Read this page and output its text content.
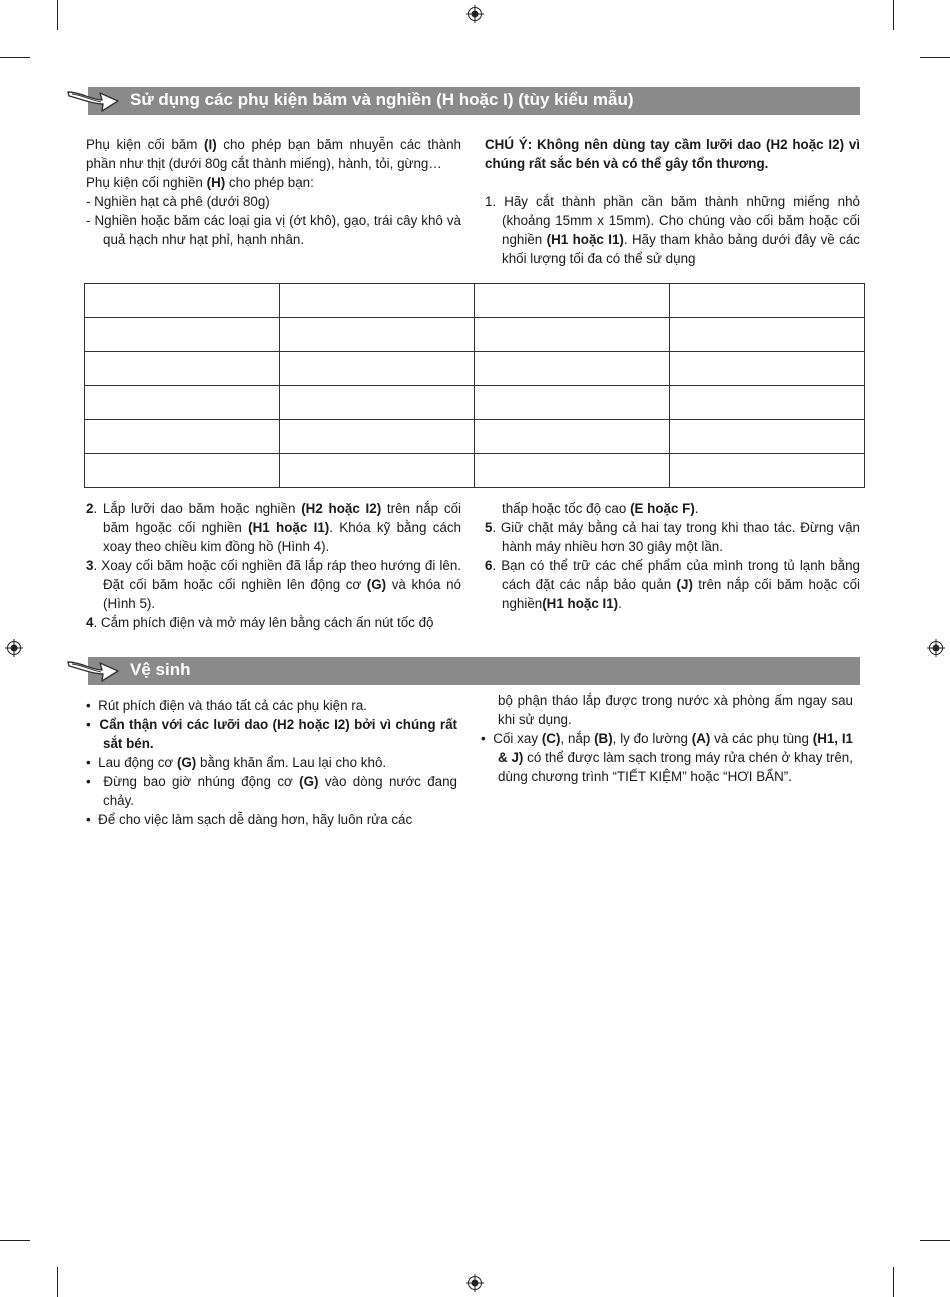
Sử dụng các phụ kiện băm và nghiền (H hoặc I) (tùy kiểu mẫu)

Phụ kiện cối băm (I) cho phép bạn băm nhuyễn các thành phần như thịt (dưới 80g cắt thành miếng), hành, tỏi, gừng…

Phụ kiện cối nghiền (H) cho phép bạn:

- Nghiền hạt cà phê (dưới 80g)

- Nghiền hoặc băm các loại gia vị (ớt khô), gạo, trái cây khô và quả hạch như hạt phỉ, hạnh nhân.

CHÚ Ý: Không nên dùng tay cầm lưỡi dao (H2 hoặc I2) vì chúng rất sắc bén và có thể gây tổn thương.

1. Hãy cắt thành phần cần băm thành những miếng nhỏ (khoảng 15mm x 15mm). Cho chúng vào cối băm hoặc cối nghiền (H1 hoặc I1). Hãy tham khảo bảng dưới đây về các khối lượng tối đa có thể sử dụng

2. Lắp lưỡi dao băm hoặc nghiền (H2 hoặc I2) trên nắp cối băm hgoặc cối nghiền (H1 hoặc I1). Khóa kỹ bằng cách xoay theo chiều kim đồng hồ (Hình 4).

3. Xoay cối băm hoặc cối nghiền đã lắp ráp theo hướng đi lên. Đặt cối băm hoặc cối nghiền lên động cơ (G) và khóa nó (Hình 5).

4. Cắm phích điện và mở máy lên bằng cách ấn nút tốc độ

thấp hoặc tốc độ cao (E hoặc F).

5. Giữ chặt máy bằng cả hai tay trong khi thao tác. Đừng vận hành máy nhiều hơn 30 giây một lần.

6. Bạn có thể trữ các chế phẩm của mình trong tủ lạnh bằng cách đặt các nắp bảo quản (J) trên nắp cối băm hoặc cối nghiền(H1 hoặc I1).

Vệ sinh

• Rút phích điện và tháo tất cả các phụ kiện ra.

• Cẩn thận với các lưỡi dao (H2 hoặc I2) bởi vì chúng rất sắt bén.

• Lau động cơ (G) bằng khăn ẩm. Lau lại cho khô.

• Đừng bao giờ nhúng động cơ (G) vào dòng nước đang chảy.

• Để cho việc làm sạch dễ dàng hơn, hãy luôn rửa các

bộ phận tháo lắp được trong nước xà phòng ấm ngay sau khi sử dụng.

• Cối xay (C), nắp (B), ly đo lường (A) và các phụ tùng (H1, I1 & J) có thể được làm sạch trong máy rửa chén ở khay trên, dùng chương trình “TIẾT KIỆM” hoặc “HƠI BẨN”.
